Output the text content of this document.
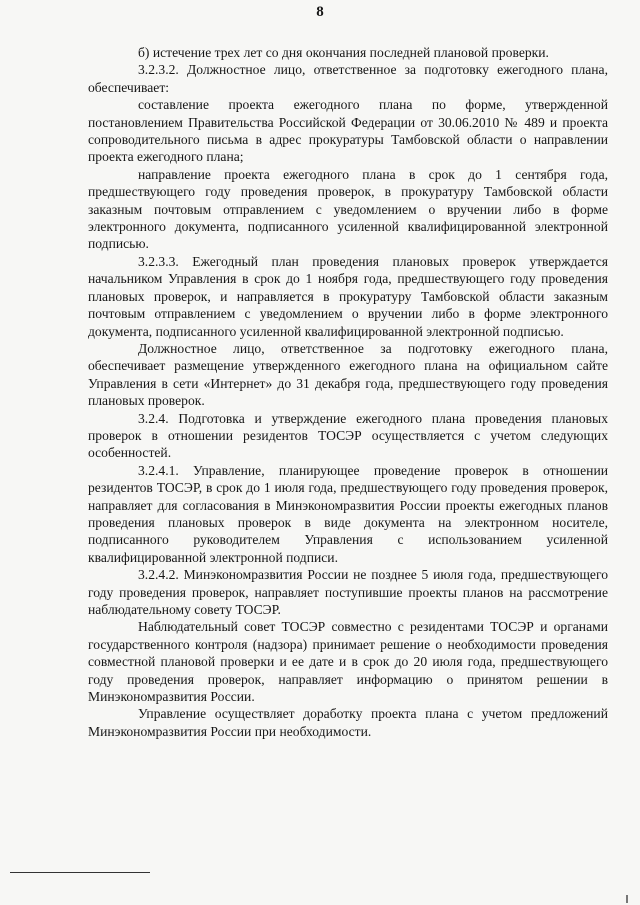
8

б) истечение трех лет со дня окончания последней плановой проверки.

3.2.3.2. Должностное лицо, ответственное за подготовку ежегодного плана, обеспечивает:

составление проекта ежегодного плана по форме, утвержденной постановлением Правительства Российской Федерации от 30.06.2010 № 489 и проекта сопроводительного письма в адрес прокуратуры Тамбовской области о направлении проекта ежегодного плана;

направление проекта ежегодного плана в срок до 1 сентября года, предшествующего году проведения проверок, в прокуратуру Тамбовской области заказным почтовым отправлением с уведомлением о вручении либо в форме электронного документа, подписанного усиленной квалифицированной электронной подписью.

3.2.3.3. Ежегодный план проведения плановых проверок утверждается начальником Управления в срок до 1 ноября года, предшествующего году проведения плановых проверок, и направляется в прокуратуру Тамбовской области заказным почтовым отправлением с уведомлением о вручении либо в форме электронного документа, подписанного усиленной квалифицированной электронной подписью.

Должностное лицо, ответственное за подготовку ежегодного плана, обеспечивает размещение утвержденного ежегодного плана на официальном сайте Управления в сети «Интернет» до 31 декабря года, предшествующего году проведения плановых проверок.

3.2.4. Подготовка и утверждение ежегодного плана проведения плановых проверок в отношении резидентов ТОСЭР осуществляется с учетом следующих особенностей.

3.2.4.1. Управление, планирующее проведение проверок в отношении резидентов ТОСЭР, в срок до 1 июля года, предшествующего году проведения проверок, направляет для согласования в Минэкономразвития России проекты ежегодных планов проведения плановых проверок в виде документа на электронном носителе, подписанного руководителем Управления с использованием усиленной квалифицированной электронной подписи.

3.2.4.2. Минэкономразвития России не позднее 5 июля года, предшествующего году проведения проверок, направляет поступившие проекты планов на рассмотрение наблюдательному совету ТОСЭР.

Наблюдательный совет ТОСЭР совместно с резидентами ТОСЭР и органами государственного контроля (надзора) принимает решение о необходимости проведения совместной плановой проверки и ее дате и в срок до 20 июля года, предшествующего году проведения проверок, направляет информацию о принятом решении в Минэкономразвития России.

Управление осуществляет доработку проекта плана с учетом предложений Минэкономразвития России при необходимости.
